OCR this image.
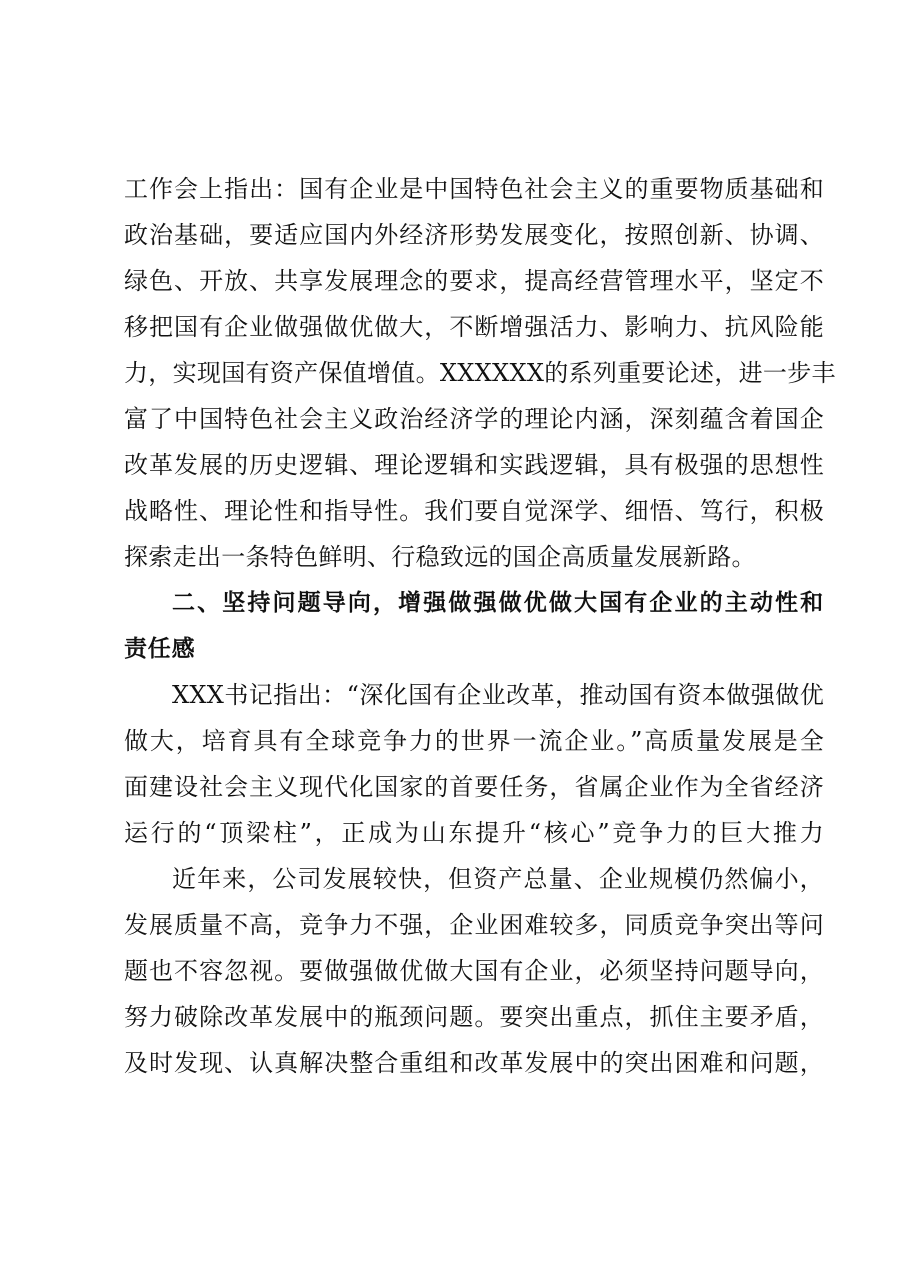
工作会上指出：国有企业是中国特色社会主义的重要物质基础和
政治基础，要适应国内外经济形势发展变化，按照创新、协调、
绿色、开放、共享发展理念的要求，提高经营管理水平，坚定不
移把国有企业做强做优做大，不断增强活力、影响力、抗风险能
力，实现国有资产保值增值。XXXXXX的系列重要论述，进一步丰
富了中国特色社会主义政治经济学的理论内涵，深刻蕴含着国企
改革发展的历史逻辑、理论逻辑和实践逻辑，具有极强的思想性
战略性、理论性和指导性。我们要自觉深学、细悟、笃行，积极
探索走出一条特色鲜明、行稳致远的国企高质量发展新路。
二、坚持问题导向，增强做强做优做大国有企业的主动性和
责任感
XXX书记指出：“深化国有企业改革，推动国有资本做强做优
做大，培育具有全球竞争力的世界一流企业。”高质量发展是全
面建设社会主义现代化国家的首要任务，省属企业作为全省经济
运行的“顶梁柱”，正成为山东提升“核心”竞争力的巨大推力
近年来，公司发展较快，但资产总量、企业规模仍然偏小，
发展质量不高，竞争力不强，企业困难较多，同质竞争突出等问
题也不容忽视。要做强做优做大国有企业，必须坚持问题导向，
努力破除改革发展中的瓶颈问题。要突出重点，抓住主要矛盾，
及时发现、认真解决整合重组和改革发展中的突出困难和问题，
